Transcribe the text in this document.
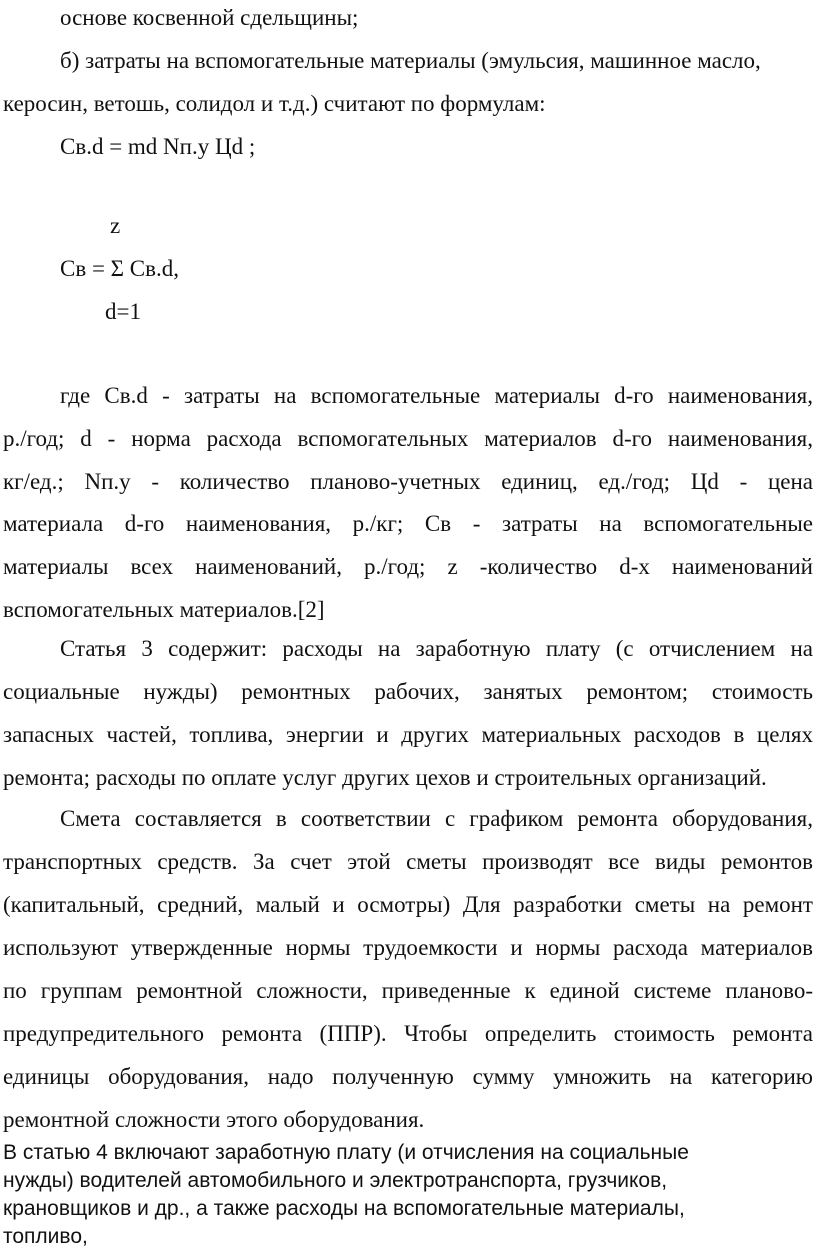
основе косвенной сдельщины;
б) затраты на вспомогательные материалы (эмульсия, машинное масло,
керосин, ветошь, солидол и т.д.) считают по формулам:
Св.d = md Nп.у Цd ;
z
Св = Σ Св.d,
d=1
где Св.d - затраты на вспомогательные материалы d-го наименования,
р./год; d - норма расхода вспомогательных материалов d-го наименования,
кг/ед.; Nп.у - количество планово-учетных единиц, ед./год; Цd - цена
материала d-го наименования, р./кг; Св - затраты на вспомогательные
материалы всех наименований, р./год; z -количество d-х наименований
вспомогательных материалов.[2]
Статья 3 содержит: расходы на заработную плату (с отчислением на
социальные нужды) ремонтных рабочих, занятых ремонтом; стоимость
запасных частей, топлива, энергии и других материальных расходов в целях
ремонта; расходы по оплате услуг других цехов и строительных организаций.
Смета составляется в соответствии с графиком ремонта оборудования,
транспортных средств. За счет этой сметы производят все виды ремонтов
(капитальный, средний, малый и осмотры) Для разработки сметы на ремонт
используют утвержденные нормы трудоемкости и нормы расхода материалов
по группам ремонтной сложности, приведенные к единой системе планово-
предупредительного ремонта (ППР). Чтобы определить стоимость ремонта
единицы оборудования, надо полученную сумму умножить на категорию
ремонтной сложности этого оборудования.
В статью 4 включают заработную плату (и отчисления на социальные
нужды) водителей автомобильного и электротранспорта, грузчиков,
крановщиков и др., а также расходы на вспомогательные материалы,
топливо,
